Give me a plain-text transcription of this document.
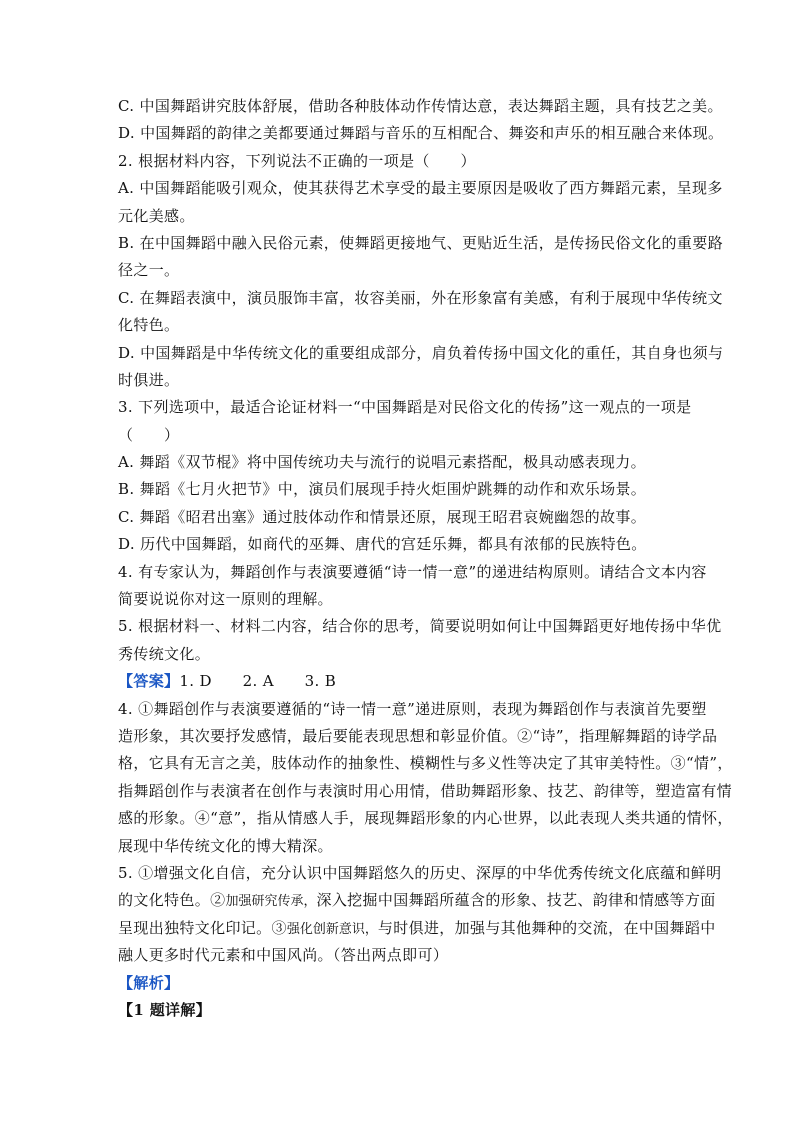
C. 中国舞蹈讲究肢体舒展，借助各种肢体动作传情达意，表达舞蹈主题，具有技艺之美。
D. 中国舞蹈的韵律之美都要通过舞蹈与音乐的互相配合、舞姿和声乐的相互融合来体现。
2. 根据材料内容，下列说法不正确的一项是（　　）
A. 中国舞蹈能吸引观众，使其获得艺术享受的最主要原因是吸收了西方舞蹈元素，呈现多
元化美感。
B. 在中国舞蹈中融入民俗元素，使舞蹈更接地气、更贴近生活，是传扬民俗文化的重要路
径之一。
C. 在舞蹈表演中，演员服饰丰富，妆容美丽，外在形象富有美感，有利于展现中华传统文
化特色。
D. 中国舞蹈是中华传统文化的重要组成部分，肩负着传扬中国文化的重任，其自身也须与
时俱进。
3. 下列选项中，最适合论证材料一“中国舞蹈是对民俗文化的传扬”这一观点的一项是
（　　）
A. 舞蹈《双节棍》将中国传统功夫与流行的说唱元素搭配，极具动感表现力。
B. 舞蹈《七月火把节》中，演员们展现手持火炬围炉跳舞的动作和欢乐场景。
C. 舞蹈《昭君出塞》通过肢体动作和情景还原，展现王昭君哀婉幽怨的故事。
D. 历代中国舞蹈，如商代的巫舞、唐代的宫廷乐舞，都具有浓郁的民族特色。
4. 有专家认为，舞蹈创作与表演要遵循“诗一情一意”的递进结构原则。请结合文本内容
简要说说你对这一原则的理解。
5. 根据材料一、材料二内容，结合你的思考，简要说明如何让中国舞蹈更好地传扬中华优
秀传统文化。
【答案】1. D　　2. A　　3. B
4. ①舞蹈创作与表演要遵循的“诗一情一意”递进原则，表现为舞蹈创作与表演首先要塑
造形象，其次要抒发感情，最后要能表现思想和彰显价值。②“诗”，指理解舞蹈的诗学品
格，它具有无言之美，肢体动作的抽象性、模糊性与多义性等决定了其审美特性。③“情”，
指舞蹈创作与表演者在创作与表演时用心用情，借助舞蹈形象、技艺、韵律等，塑造富有情
感的形象。④“意”，指从情感人手，展现舞蹈形象的内心世界，以此表现人类共通的情怀，
展现中华传统文化的博大精深。
5. ①增强文化自信，充分认识中国舞蹈悠久的历史、深厚的中华优秀传统文化底蕴和鲜明
的文化特色。②加强研究传承，深入挖掘中国舞蹈所蕴含的形象、技艺、韵律和情感等方面
呈现出独特文化印记。③强化创新意识，与时俱进，加强与其他舞种的交流，在中国舞蹈中
融人更多时代元素和中国风尚。（答出两点即可）
【解析】
【1 题详解】
